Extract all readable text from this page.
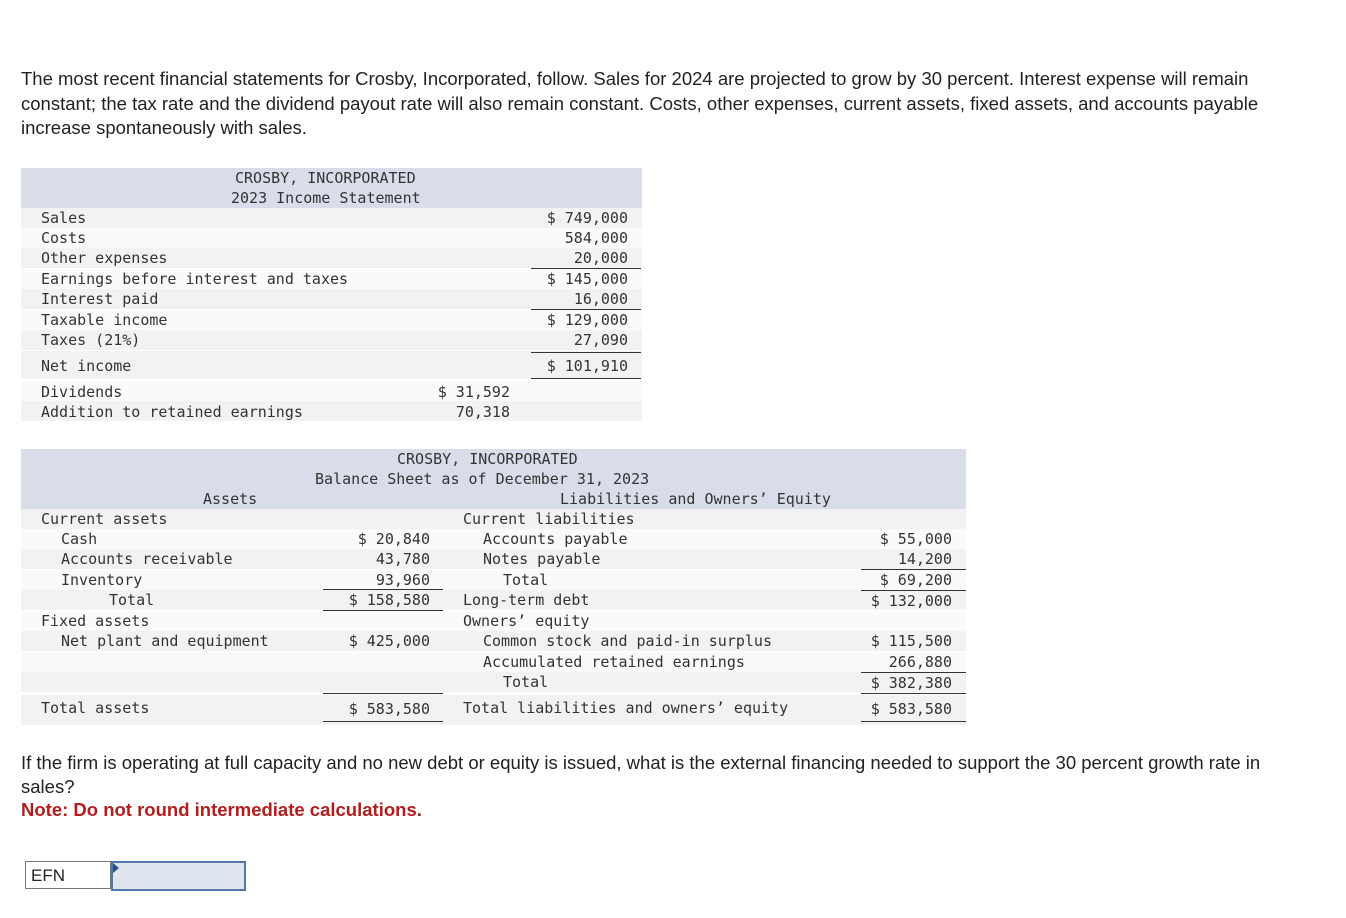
The most recent financial statements for Crosby, Incorporated, follow. Sales for 2024 are projected to grow by 30 percent. Interest expense will remain constant; the tax rate and the dividend payout rate will also remain constant. Costs, other expenses, current assets, fixed assets, and accounts payable increase spontaneously with sales.

CROSBY, INCORPORATED
2023 Income Statement
Sales
Costs
Other expenses
Earnings before interest and taxes
Interest paid
Taxable income
Taxes (21%)
Net income
Dividends
Addition to retained earnings
$ 749,000
584,000
20,000
$ 145,000
16,000
$ 129,000
27,090
$ 101,910
$ 31,592
70,318
CROSBY, INCORPORATED
Balance Sheet as of December 31, 2023
Assets	Liabilities and Owners’ Equity
Current assets
Cash
Accounts receivable
Inventory
Total
Fixed assets
Net plant and equipment
Total assets
$ 20,840
43,780
93,960
$ 158,580
$ 425,000
$ 583,580
Current liabilities
Accounts payable
Notes payable
Total
Long-term debt
Owners’ equity
Common stock and paid-in surplus
Accumulated retained earnings
Total
Total liabilities and owners’ equity
$ 55,000
14,200
$ 69,200
$ 132,000
$ 115,500
266,880
$ 382,380
$ 583,580

If the firm is operating at full capacity and no new debt or equity is issued, what is the external financing needed to support the 30 percent growth rate in sales?

Note: Do not round intermediate calculations.
EFN
